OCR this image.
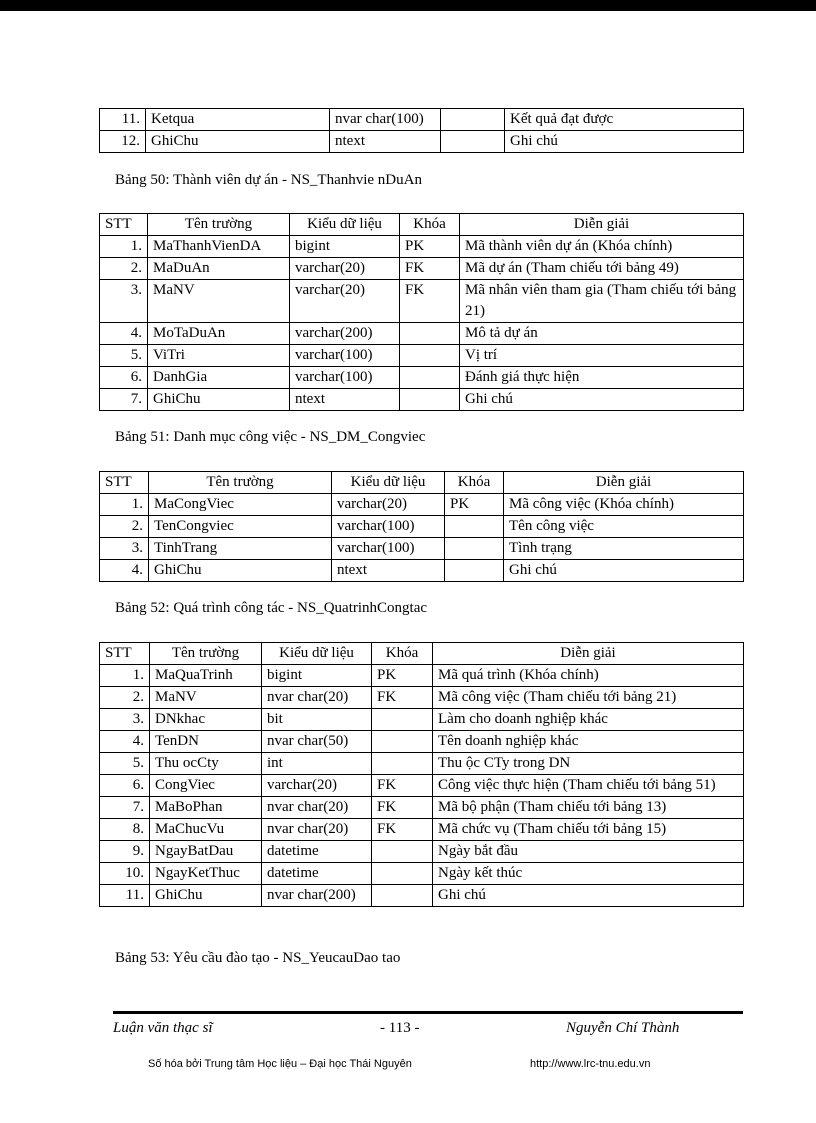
11.	Ketqua	nvar char(100)		Kết quả đạt được
12.	GhiChu	ntext		Ghi chú
Bảng 50: Thành viên dự án - NS_Thanhvie nDuAn
STT	Tên trường	Kiểu dữ liệu	Khóa	Diễn giải
1.	MaThanhVienDA	bigint	PK	Mã thành viên dự án (Khóa chính)
2.	MaDuAn	varchar(20)	FK	Mã dự án (Tham chiếu tới bảng 49)
3.	MaNV	varchar(20)	FK	Mã nhân viên tham gia (Tham chiếu tới bảng 21)
4.	MoTaDuAn	varchar(200)		Mô tả dự án
5.	ViTri	varchar(100)		Vị trí
6.	DanhGia	varchar(100)		Đánh giá thực hiện
7.	GhiChu	ntext		Ghi chú
Bảng 51: Danh mục công việc - NS_DM_Congviec
STT	Tên trường	Kiểu dữ liệu	Khóa	Diễn giải
1.	MaCongViec	varchar(20)	PK	Mã công việc (Khóa chính)
2.	TenCongviec	varchar(100)		Tên công việc
3.	TinhTrang	varchar(100)		Tình trạng
4.	GhiChu	ntext		Ghi chú
Bảng 52: Quá trình công tác - NS_QuatrinhCongtac
STT	Tên trường	Kiểu dữ liệu	Khóa	Diễn giải
1.	MaQuaTrinh	bigint	PK	Mã quá trình (Khóa chính)
2.	MaNV	nvar char(20)	FK	Mã công việc (Tham chiếu tới bảng 21)
3.	DNkhac	bit		Làm cho doanh nghiệp khác
4.	TenDN	nvar char(50)		Tên doanh nghiệp khác
5.	Thu ocCty	int		Thu ộc CTy trong DN
6.	CongViec	varchar(20)	FK	Công việc thực hiện (Tham chiếu tới bảng 51)
7.	MaBoPhan	nvar char(20)	FK	Mã bộ phận (Tham chiếu tới bảng 13)
8.	MaChucVu	nvar char(20)	FK	Mã chức vụ (Tham chiếu tới bảng 15)
9.	NgayBatDau	datetime		Ngày bắt đầu
10.	NgayKetThuc	datetime		Ngày kết thúc
11.	GhiChu	nvar char(200)		Ghi chú
Bảng 53: Yêu cầu đào tạo - NS_YeucauDao tao
Luận văn thạc sĩ	- 113 -	Nguyễn Chí Thành
Số hóa bởi Trung tâm Học liệu – Đại học Thái Nguyên	http://www.lrc-tnu.edu.vn
